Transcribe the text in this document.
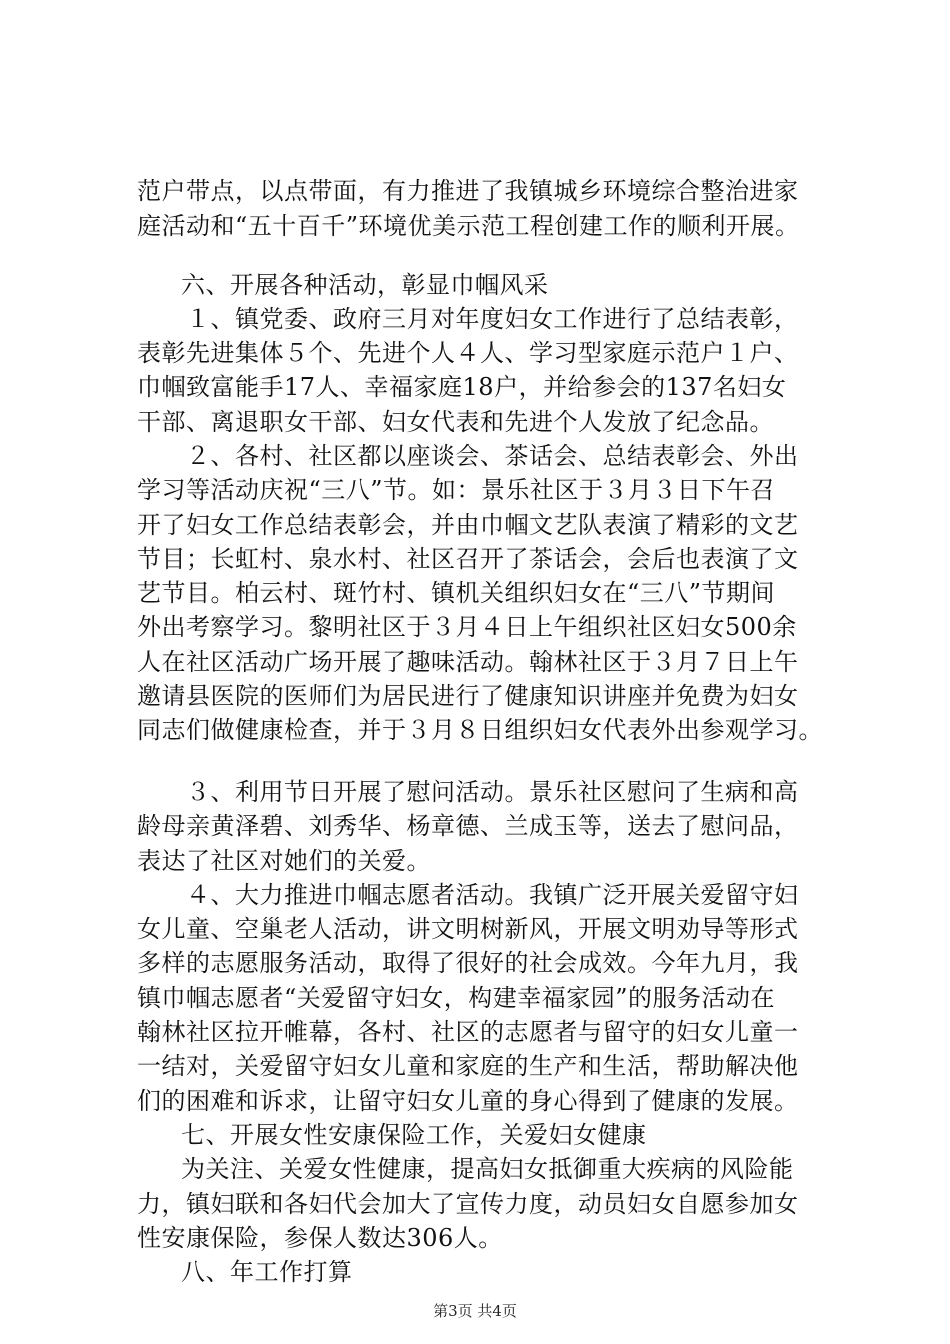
范户带点，以点带面，有力推进了我镇城乡环境综合整治进家
庭活动和“五十百千”环境优美示范工程创建工作的顺利开展。
六、开展各种活动，彰显巾帼风采
１、镇党委、政府三月对年度妇女工作进行了总结表彰，
表彰先进集体５个、先进个人４人、学习型家庭示范户１户、
巾帼致富能手17人、幸福家庭18户，并给参会的137名妇女
干部、离退职女干部、妇女代表和先进个人发放了纪念品。
２、各村、社区都以座谈会、茶话会、总结表彰会、外出
学习等活动庆祝“三八”节。如：景乐社区于３月３日下午召
开了妇女工作总结表彰会，并由巾帼文艺队表演了精彩的文艺
节目；长虹村、泉水村、社区召开了茶话会，会后也表演了文
艺节目。柏云村、斑竹村、镇机关组织妇女在“三八”节期间
外出考察学习。黎明社区于３月４日上午组织社区妇女500余
人在社区活动广场开展了趣味活动。翰林社区于３月７日上午
邀请县医院的医师们为居民进行了健康知识讲座并免费为妇女
同志们做健康检查，并于３月８日组织妇女代表外出参观学习。
３、利用节日开展了慰问活动。景乐社区慰问了生病和高
龄母亲黄泽碧、刘秀华、杨章德、兰成玉等，送去了慰问品，
表达了社区对她们的关爱。
４、大力推进巾帼志愿者活动。我镇广泛开展关爱留守妇
女儿童、空巢老人活动，讲文明树新风，开展文明劝导等形式
多样的志愿服务活动，取得了很好的社会成效。今年九月，我
镇巾帼志愿者“关爱留守妇女，构建幸福家园”的服务活动在
翰林社区拉开帷幕，各村、社区的志愿者与留守的妇女儿童一
一结对，关爱留守妇女儿童和家庭的生产和生活，帮助解决他
们的困难和诉求，让留守妇女儿童的身心得到了健康的发展。
七、开展女性安康保险工作，关爱妇女健康
为关注、关爱女性健康，提高妇女抵御重大疾病的风险能
力，镇妇联和各妇代会加大了宣传力度，动员妇女自愿参加女
性安康保险，参保人数达306人。
八、年工作打算
第3页 共4页
